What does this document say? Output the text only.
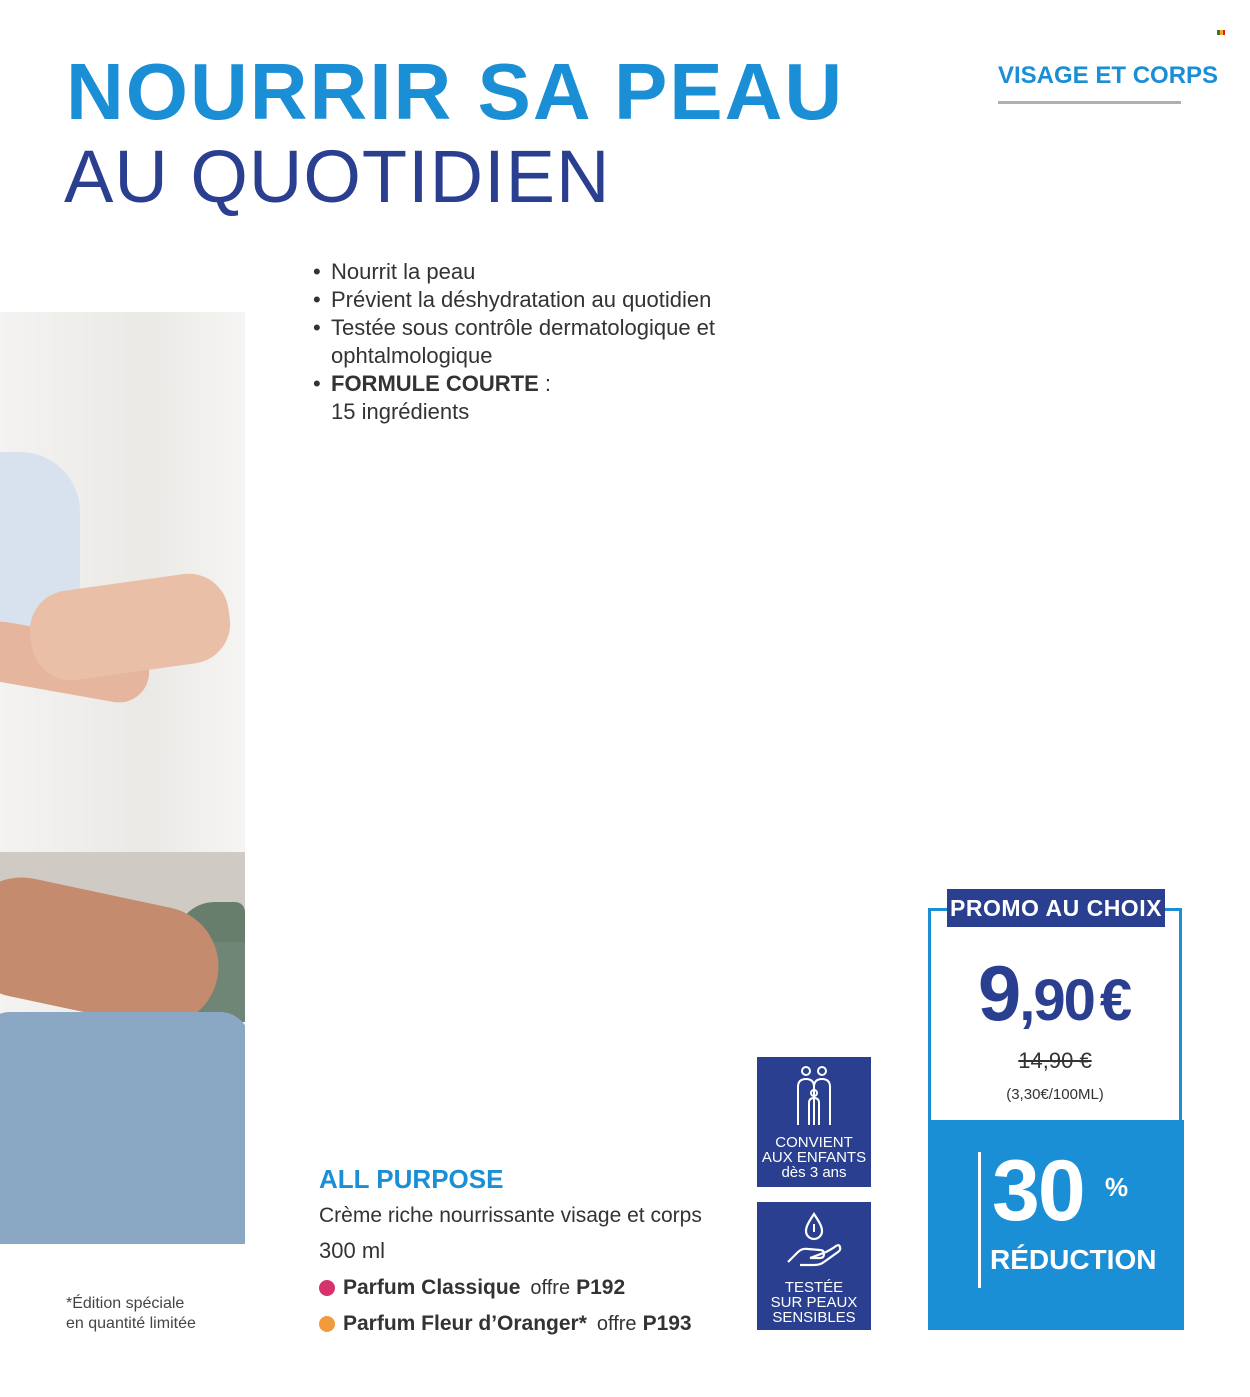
NOURRIR SA PEAU
AU QUOTIDIEN
VISAGE ET CORPS
• Nourrit la peau
• Prévient la déshydratation au quotidien
• Testée sous contrôle dermatologique et
ophtalmologique
• FORMULE COURTE :
15 ingrédients
CONVIENT
AUX ENFANTS
dès 3 ans
TESTÉE
SUR PEAUX
SENSIBLES
ALL PURPOSE
Crème riche nourrissante visage et corps
300 ml
Parfum Classique offre P192
Parfum Fleur d’Oranger* offre P193
*Édition spéciale
en quantité limitée
PROMO AU CHOIX
9,90 €
14,90 €
(3,30€/100ML)
30 %
RÉDUCTION
